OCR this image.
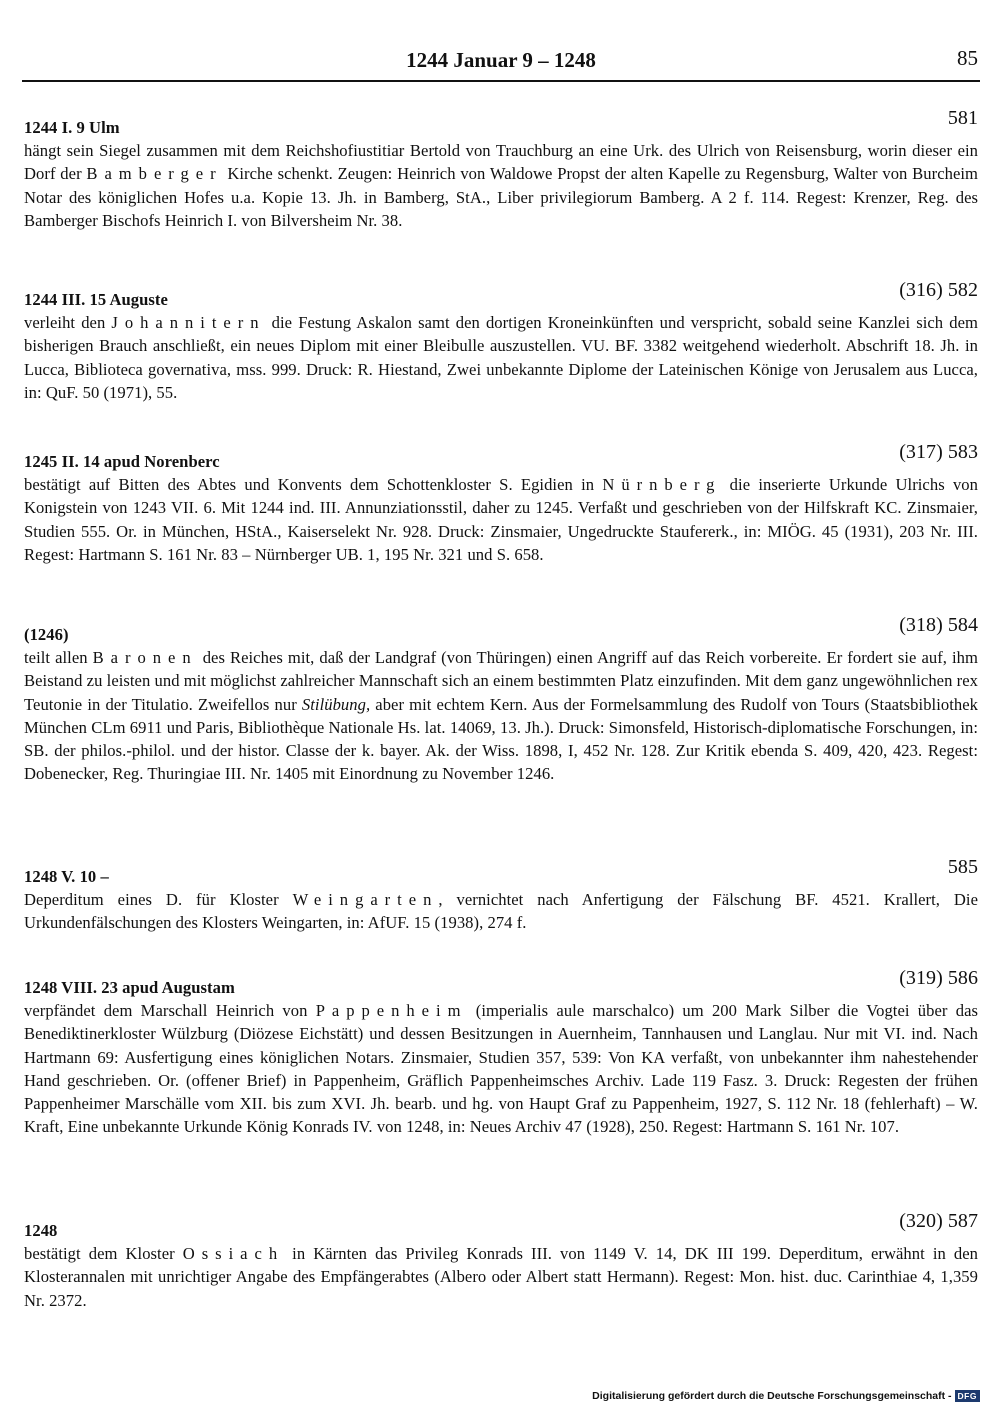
1244 Januar 9 – 1248	85
1244 I. 9 Ulm	581

hängt sein Siegel zusammen mit dem Reichshofiustitiar Bertold von Trauchburg an eine Urk. des Ulrich von Reisensburg, worin dieser ein Dorf der Bamberger Kirche schenkt. Zeugen: Heinrich von Waldowe Propst der alten Kapelle zu Regensburg, Walter von Burcheim Notar des königlichen Hofes u.a. Kopie 13. Jh. in Bamberg, StA., Liber privilegiorum Bamberg. A 2 f. 114. Regest: Krenzer, Reg. des Bamberger Bischofs Heinrich I. von Bilversheim Nr. 38.

1244 III. 15 Auguste	(316) 582

verleiht den Johannitern die Festung Askalon samt den dortigen Kroneinkünften und verspricht, sobald seine Kanzlei sich dem bisherigen Brauch anschließt, ein neues Diplom mit einer Bleibulle auszustellen. VU. BF. 3382 weitgehend wiederholt. Abschrift 18. Jh. in Lucca, Biblioteca governativa, mss. 999. Druck: R. Hiestand, Zwei unbekannte Diplome der Lateinischen Könige von Jerusalem aus Lucca, in: QuF. 50 (1971), 55.

1245 II. 14 apud Norenberc	(317) 583

bestätigt auf Bitten des Abtes und Konvents dem Schottenkloster S. Egidien in Nürnberg die inserierte Urkunde Ulrichs von Konigstein von 1243 VII. 6. Mit 1244 ind. III. Annunziationsstil, daher zu 1245. Verfaßt und geschrieben von der Hilfskraft KC. Zinsmaier, Studien 555. Or. in München, HStA., Kaiserselekt Nr. 928. Druck: Zinsmaier, Ungedruckte Staufererk., in: MIÖG. 45 (1931), 203 Nr. III. Regest: Hartmann S. 161 Nr. 83 – Nürnberger UB. 1, 195 Nr. 321 und S. 658.

(1246)	(318) 584

teilt allen Baronen des Reiches mit, daß der Landgraf (von Thüringen) einen Angriff auf das Reich vorbereite. Er fordert sie auf, ihm Beistand zu leisten und mit möglichst zahlreicher Mannschaft sich an einem bestimmten Platz einzufinden. Mit dem ganz ungewöhnlichen rex Teutonie in der Titulatio. Zweifellos nur Stilübung, aber mit echtem Kern. Aus der Formelsammlung des Rudolf von Tours (Staatsbibliothek München CLm 6911 und Paris, Bibliothèque Nationale Hs. lat. 14069, 13. Jh.). Druck: Simonsfeld, Historisch-diplomatische Forschungen, in: SB. der philos.-philol. und der histor. Classe der k. bayer. Ak. der Wiss. 1898, I, 452 Nr. 128. Zur Kritik ebenda S. 409, 420, 423. Regest: Dobenecker, Reg. Thuringiae III. Nr. 1405 mit Einordnung zu November 1246.

1248 V. 10 –	585

Deperditum eines D. für Kloster Weingarten, vernichtet nach Anfertigung der Fälschung BF. 4521. Krallert, Die Urkundenfälschungen des Klosters Weingarten, in: AfUF. 15 (1938), 274 f.

1248 VIII. 23 apud Augustam	(319) 586

verpfändet dem Marschall Heinrich von Pappenheim (imperialis aule marschalco) um 200 Mark Silber die Vogtei über das Benediktinerkloster Wülzburg (Diözese Eichstätt) und dessen Besitzungen in Auernheim, Tannhausen und Langlau. Nur mit VI. ind. Nach Hartmann 69: Ausfertigung eines königlichen Notars. Zinsmaier, Studien 357, 539: Von KA verfaßt, von unbekannter ihm nahestehender Hand geschrieben. Or. (offener Brief) in Pappenheim, Gräflich Pappenheimsches Archiv. Lade 119 Fasz. 3. Druck: Regesten der frühen Pappenheimer Marschälle vom XII. bis zum XVI. Jh. bearb. und hg. von Haupt Graf zu Pappenheim, 1927, S. 112 Nr. 18 (fehlerhaft) – W. Kraft, Eine unbekannte Urkunde König Konrads IV. von 1248, in: Neues Archiv 47 (1928), 250. Regest: Hartmann S. 161 Nr. 107.

1248	(320) 587

bestätigt dem Kloster Ossiach in Kärnten das Privileg Konrads III. von 1149 V. 14, DK III 199. Deperditum, erwähnt in den Klosterannalen mit unrichtiger Angabe des Empfängerabtes (Albero oder Albert statt Hermann). Regest: Mon. hist. duc. Carinthiae 4, 1,359 Nr. 2372.

Digitalisierung gefördert durch die Deutsche Forschungsgemeinschaft - DFG
